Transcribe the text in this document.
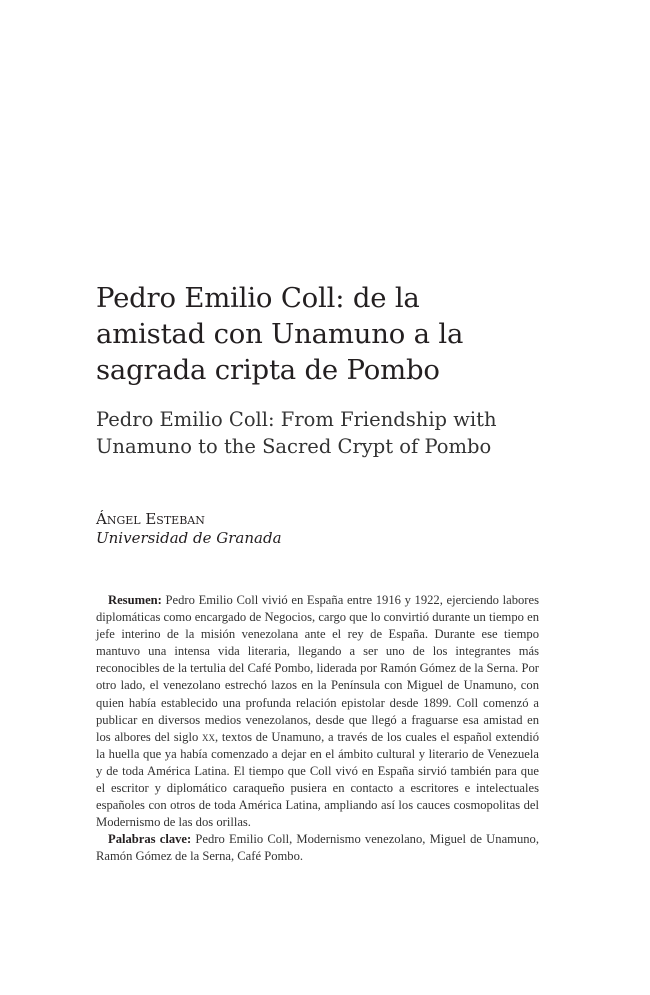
Pedro Emilio Coll: de la
amistad con Unamuno a la
sagrada cripta de Pombo
Pedro Emilio Coll: From Friendship with
Unamuno to the Sacred Crypt of Pombo

Ángel Esteban

Universidad de Granada

Resumen: Pedro Emilio Coll vivió en España entre 1916 y 1922, ejerciendo labores diplomáticas como encargado de Negocios, cargo que lo convirtió durante un tiempo en jefe interino de la misión venezolana ante el rey de España. Durante ese tiempo mantuvo una intensa vida literaria, llegando a ser uno de los integrantes más reconocibles de la tertulia del Café Pombo, liderada por Ramón Gómez de la Serna. Por otro lado, el venezolano estrechó lazos en la Península con Miguel de Unamuno, con quien había establecido una profunda relación epistolar desde 1899. Coll comenzó a publicar en diversos medios venezolanos, desde que llegó a fraguarse esa amistad en los albores del siglo xx, textos de Unamuno, a través de los cuales el español extendió la huella que ya había comenzado a dejar en el ámbito cultural y literario de Venezuela y de toda América Latina. El tiempo que Coll vivó en España sirvió también para que el escritor y diplomático caraqueño pusiera en contacto a escritores e intelectuales españoles con otros de toda América Latina, ampliando así los cauces cosmopolitas del Modernismo de las dos orillas.

Palabras clave: Pedro Emilio Coll, Modernismo venezolano, Miguel de Unamuno, Ramón Gómez de la Serna, Café Pombo.
